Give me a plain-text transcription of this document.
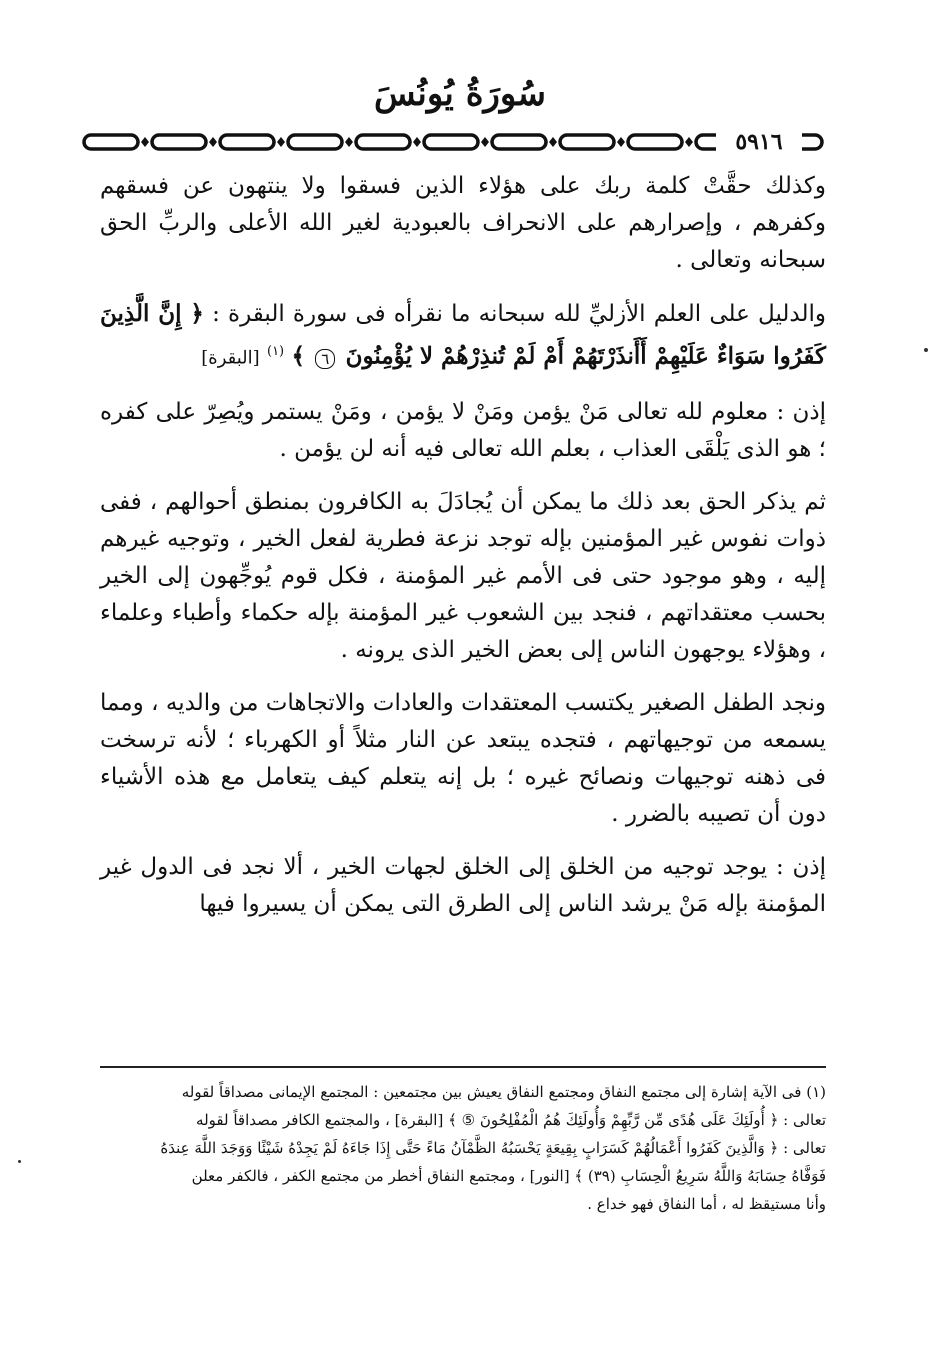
سُورَةُ يُونُسَ
٥٩١٦

وكذلك حقَّتْ كلمة ربك على هؤلاء الذين فسقوا ولا ينتهون عن فسقهم وكفرهم ، وإصرارهم على الانحراف بالعبودية لغير الله الأعلى والربِّ الحق سبحانه وتعالى .

والدليل على العلم الأزليِّ لله سبحانه ما نقرأه فى سورة البقرة : ﴿ إِنَّ الَّذِينَ كَفَرُوا سَوَاءٌ عَلَيْهِمْ أَأَنذَرْتَهُمْ أَمْ لَمْ تُنذِرْهُمْ لا يُؤْمِنُونَ ٦ ﴾ $^{(١)}$ [البقرة]

إذن : معلوم لله تعالى مَنْ يؤمن ومَنْ لا يؤمن ، ومَنْ يستمر ويُصِرّ على كفره ؛ هو الذى يَلْقَى العذاب ، بعلم الله تعالى فيه أنه لن يؤمن .

ثم يذكر الحق بعد ذلك ما يمكن أن يُجادَلَ به الكافرون بمنطق أحوالهم ، ففى ذوات نفوس غير المؤمنين بإله توجد نزعة فطرية لفعل الخير ، وتوجيه غيرهم إليه ، وهو موجود حتى فى الأمم غير المؤمنة ، فكل قوم يُوجِّهون إلى الخير بحسب معتقداتهم ، فنجد بين الشعوب غير المؤمنة بإله حكماء وأطباء وعلماء ، وهؤلاء يوجهون الناس إلى بعض الخير الذى يرونه .

ونجد الطفل الصغير يكتسب المعتقدات والعادات والاتجاهات من والديه ، ومما يسمعه من توجيهاتهم ، فتجده يبتعد عن النار مثلاً أو الكهرباء ؛ لأنه ترسخت فى ذهنه توجيهات ونصائح غيره ؛ بل إنه يتعلم كيف يتعامل مع هذه الأشياء دون أن تصيبه بالضرر .

إذن : يوجد توجيه من الخلق إلى الخلق لجهات الخير ، ألا نجد فى الدول غير المؤمنة بإله مَنْ يرشد الناس إلى الطرق التى يمكن أن يسيروا فيها

(١) فى الآية إشارة إلى مجتمع النفاق ومجتمع النفاق يعيش بين مجتمعين : المجتمع الإيمانى مصداقاً لقوله

تعالى : ﴿ أُولَئِكَ عَلَى هُدًى مِّن رَّبِّهِمْ وَأُولَئِكَ هُمُ الْمُفْلِحُونَ ⑤ ﴾ [البقرة] ، والمجتمع الكافر مصداقاً لقوله

تعالى : ﴿ وَالَّذِينَ كَفَرُوا أَعْمَالُهُمْ كَسَرَابٍ بِقِيعَةٍ يَحْسَبُهُ الظَّمْآنُ مَاءً حَتَّى إِذَا جَاءَهُ لَمْ يَجِدْهُ شَيْئًا وَوَجَدَ اللَّهَ عِندَهُ

فَوَفَّاهُ حِسَابَهُ وَاللَّهُ سَرِيعُ الْحِسَابِ (٣٩) ﴾ [النور] ، ومجتمع النفاق أخطر من مجتمع الكفر ، فالكفر معلن

وأنا مستيقظ له ، أما النفاق فهو خداع .
